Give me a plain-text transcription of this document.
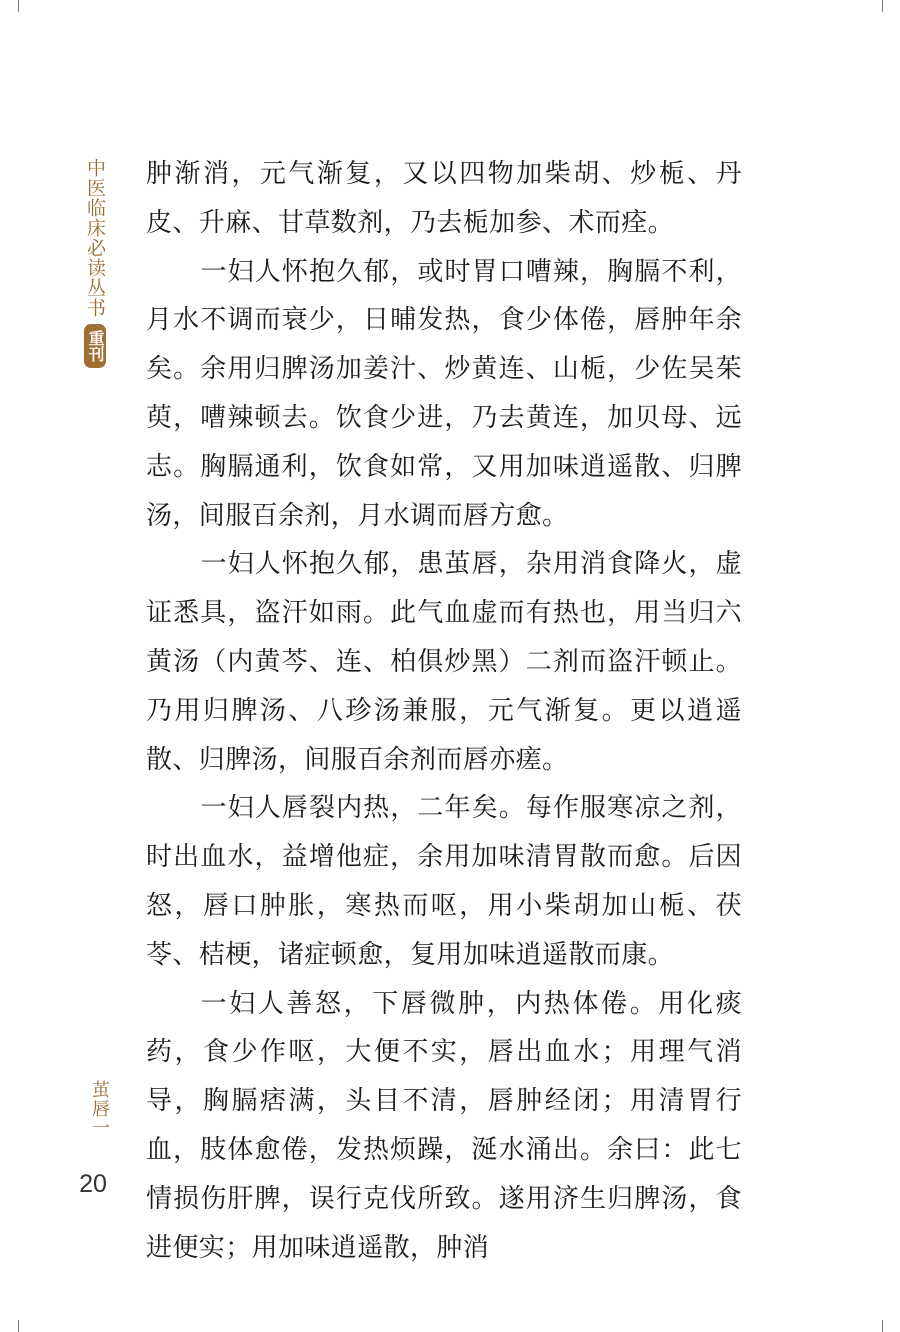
中医临床必读丛书
重刊
茧唇一
20

肿渐消，元气渐复，又以四物加柴胡、炒栀、丹皮、升麻、甘草数剂，乃去栀加参、术而痊。

一妇人怀抱久郁，或时胃口嘈辣，胸膈不利，月水不调而衰少，日晡发热，食少体倦，唇肿年余矣。余用归脾汤加姜汁、炒黄连、山栀，少佐吴茱萸，嘈辣顿去。饮食少进，乃去黄连，加贝母、远志。胸膈通利，饮食如常，又用加味逍遥散、归脾汤，间服百余剂，月水调而唇方愈。

一妇人怀抱久郁，患茧唇，杂用消食降火，虚证悉具，盗汗如雨。此气血虚而有热也，用当归六黄汤（内黄芩、连、柏俱炒黑）二剂而盗汗顿止。乃用归脾汤、八珍汤兼服，元气渐复。更以逍遥散、归脾汤，间服百余剂而唇亦瘥。

一妇人唇裂内热，二年矣。每作服寒凉之剂，时出血水，益增他症，余用加味清胃散而愈。后因怒，唇口肿胀，寒热而呕，用小柴胡加山栀、茯苓、桔梗，诸症顿愈，复用加味逍遥散而康。

一妇人善怒，下唇微肿，内热体倦。用化痰药，食少作呕，大便不实，唇出血水；用理气消导，胸膈痞满，头目不清，唇肿经闭；用清胃行血，肢体愈倦，发热烦躁，涎水涌出。余曰：此七情损伤肝脾，误行克伐所致。遂用济生归脾汤，食进便实；用加味逍遥散，肿消
